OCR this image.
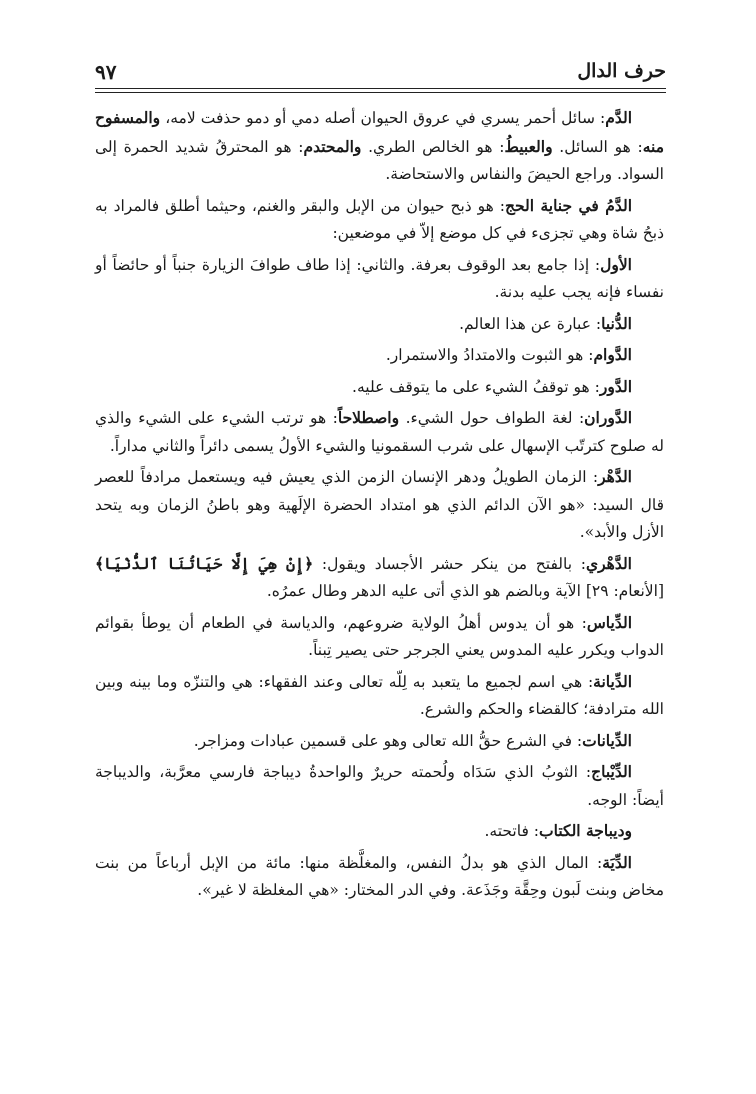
حرف الدال
٩٧

الدَّم: سائل أحمر يسري في عروق الحيوان أصله دمي أو دمو حذفت لامه، والمسفوح منه: هو السائل. والعبيطُ: هو الخالص الطري. والمحتدم: هو المحترقُ شديد الحمرة إلى السواد. وراجع الحيضَ والنفاس والاستحاضة.

الدَّمُ في جناية الحج: هو ذبح حيوان من الإبل والبقر والغنم، وحيثما أطلق فالمراد به ذبحُ شاة وهي تجزىء في كل موضع إلاّ في موضعين:

الأول: إذا جامع بعد الوقوف بعرفة. والثاني: إذا طاف طوافَ الزيارة جنباً أو حائضاً أو نفساء فإنه يجب عليه بدنة.

الدُّنيا: عبارة عن هذا العالم.

الدَّوام: هو الثبوت والامتدادُ والاستمرار.

الدَّور: هو توقفُ الشيء على ما يتوقف عليه.

الدَّوران: لغة الطواف حول الشيء. واصطلاحاً: هو ترتب الشيء على الشيء والذي له صلوح كترتّب الإسهال على شرب السقمونيا والشيء الأولُ يسمى دائراً والثاني مداراً.

الدَّهْر: الزمان الطويلُ ودهر الإنسان الزمن الذي يعيش فيه ويستعمل مرادفاً للعصر قال السيد: «هو الآن الدائم الذي هو امتداد الحضرة الإلَهية وهو باطنُ الزمان وبه يتحد الأزل والأبد».

الدَّهْري: بالفتح من ينكر حشر الأجساد ويقول: ﴿إِنْ هِيَ إِلَّا حَيَاتُنَا ٱلدُّنْيَا﴾ [الأنعام: ٢٩] الآية وبالضم هو الذي أتى عليه الدهر وطال عمرُه.

الدِّياس: هو أن يدوس أهلُ الولاية ضروعهم، والدياسة في الطعام أن يوطأ بقوائم الدواب ويكرر عليه المدوس يعني الجرجر حتى يصير تِبناً.

الدِّيانة: هي اسم لجميع ما يتعبد به لِلّه تعالى وعند الفقهاء: هي والتنزّه وما بينه وبين الله مترادفة؛ كالقضاء والحكم والشرع.

الدِّيانات: في الشرع حقُّ الله تعالى وهو على قسمين عبادات ومزاجر.

الدِّيْباج: الثوبُ الذي سَدَاه ولُحمته حريرٌ والواحدةُ ديباجة فارسي معرَّبة، والديباجة أيضاً: الوجه.

وديباجة الكتاب: فاتحته.

الدِّيَة: المال الذي هو بدلُ النفس، والمغلَّظة منها: مائة من الإبل أرباعاً من بنت مخاض وبنت لَبون وحِقَّة وجَذَعة. وفي الدر المختار: «هي المغلظة لا غير».
